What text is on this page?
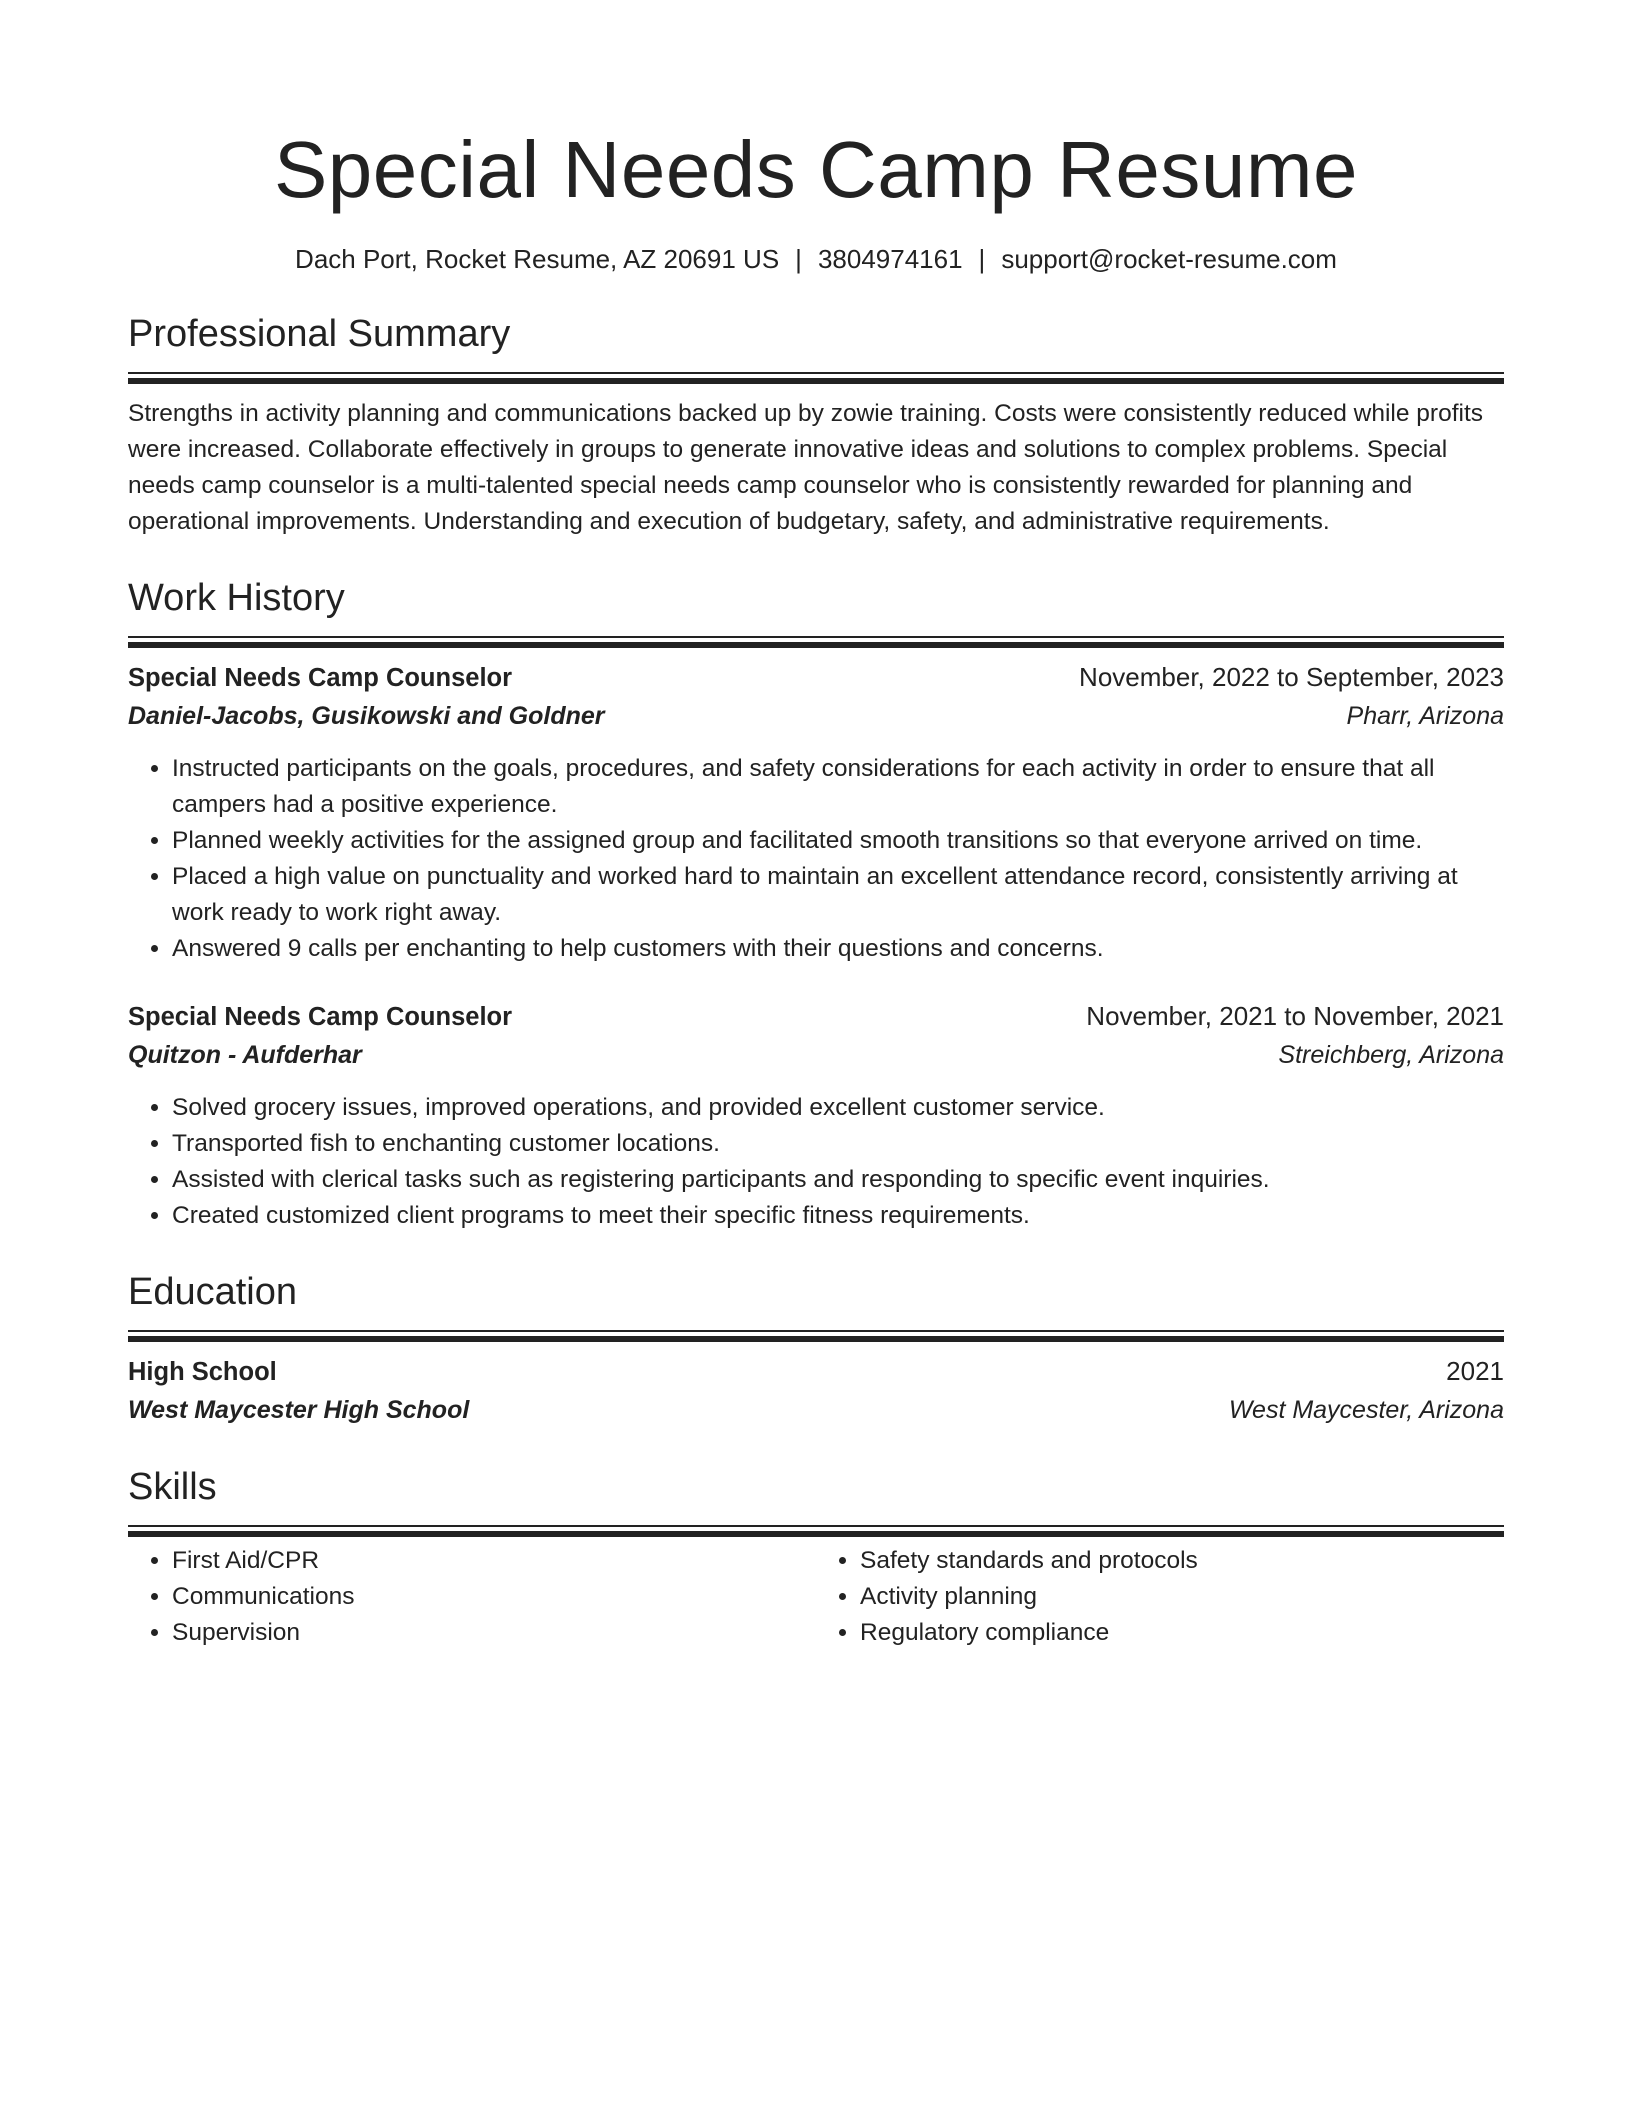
Special Needs Camp Resume
Dach Port, Rocket Resume, AZ 20691 US | 3804974161 | support@rocket-resume.com
Professional Summary
Strengths in activity planning and communications backed up by zowie training. Costs were consistently reduced while profits were increased. Collaborate effectively in groups to generate innovative ideas and solutions to complex problems. Special needs camp counselor is a multi-talented special needs camp counselor who is consistently rewarded for planning and operational improvements. Understanding and execution of budgetary, safety, and administrative requirements.
Work History
Special Needs Camp Counselor	November, 2022 to September, 2023
Daniel-Jacobs, Gusikowski and Goldner	Pharr, Arizona
• Instructed participants on the goals, procedures, and safety considerations for each activity in order to ensure that all campers had a positive experience.
• Planned weekly activities for the assigned group and facilitated smooth transitions so that everyone arrived on time.
• Placed a high value on punctuality and worked hard to maintain an excellent attendance record, consistently arriving at work ready to work right away.
• Answered 9 calls per enchanting to help customers with their questions and concerns.
Special Needs Camp Counselor	November, 2021 to November, 2021
Quitzon - Aufderhar	Streichberg, Arizona
• Solved grocery issues, improved operations, and provided excellent customer service.
• Transported fish to enchanting customer locations.
• Assisted with clerical tasks such as registering participants and responding to specific event inquiries.
• Created customized client programs to meet their specific fitness requirements.
Education
High School	2021
West Maycester High School	West Maycester, Arizona
Skills
• First Aid/CPR
• Communications
• Supervision
• Safety standards and protocols
• Activity planning
• Regulatory compliance
